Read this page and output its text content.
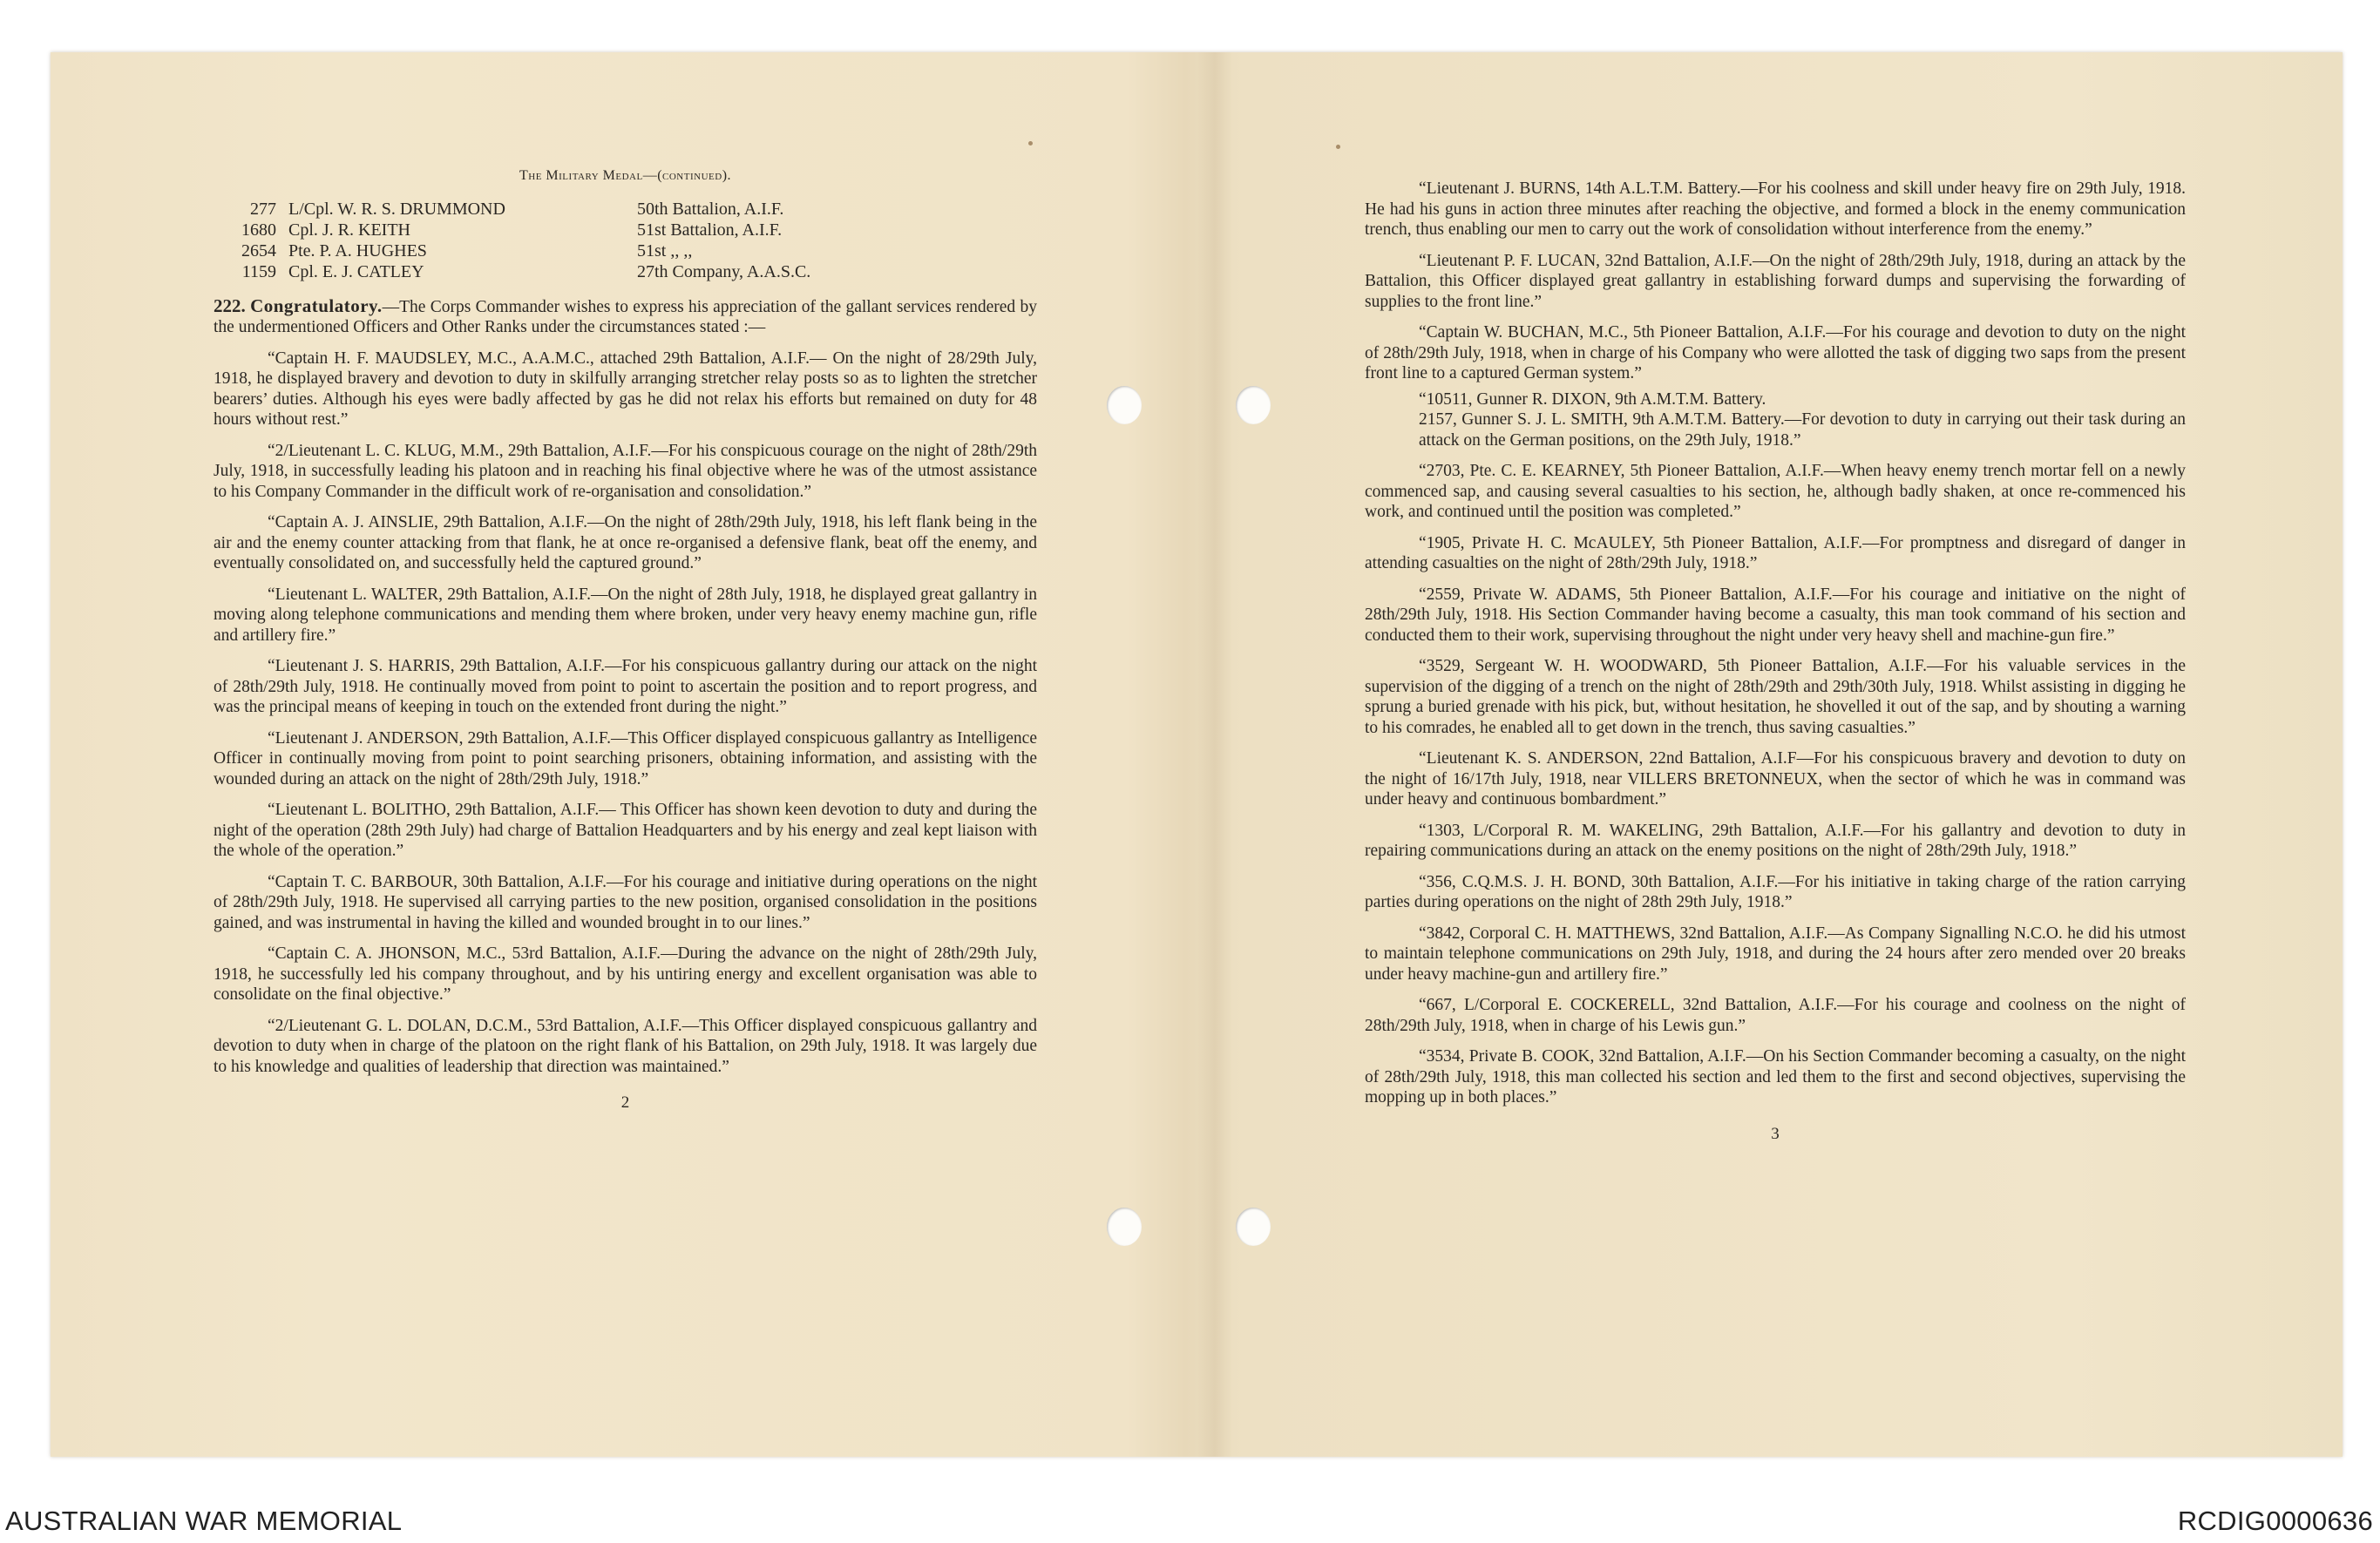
The Military Medal—(continued).
277 L/Cpl. W. R. S. DRUMMOND	50th Battalion, A.I.F.
1680 Cpl. J. R. KEITH	51st Battalion, A.I.F.
2654 Pte. P. A. HUGHES	51st ,, ,,
1159 Cpl. E. J. CATLEY	27th Company, A.A.S.C.

222. Congratulatory.—The Corps Commander wishes to express his appreciation of the gallant services rendered by the undermentioned Officers and Other Ranks under the circumstances stated :—

“Captain H. F. MAUDSLEY, M.C., A.A.M.C., attached 29th Battalion, A.I.F.— On the night of 28/29th July, 1918, he displayed bravery and devotion to duty in skilfully arranging stretcher relay posts so as to lighten the stretcher bearers’ duties. Although his eyes were badly affected by gas he did not relax his efforts but remained on duty for 48 hours without rest.”

“2/Lieutenant L. C. KLUG, M.M., 29th Battalion, A.I.F.—For his conspicuous courage on the night of 28th/29th July, 1918, in successfully leading his platoon and in reaching his final objective where he was of the utmost assistance to his Company Commander in the difficult work of re-organisation and consolidation.”

“Captain A. J. AINSLIE, 29th Battalion, A.I.F.—On the night of 28th/29th July, 1918, his left flank being in the air and the enemy counter attacking from that flank, he at once re-organised a defensive flank, beat off the enemy, and eventually consolidated on, and successfully held the captured ground.”

“Lieutenant L. WALTER, 29th Battalion, A.I.F.—On the night of 28th July, 1918, he displayed great gallantry in moving along telephone communications and mending them where broken, under very heavy enemy machine gun, rifle and artillery fire.”

“Lieutenant J. S. HARRIS, 29th Battalion, A.I.F.—For his conspicuous gallantry during our attack on the night of 28th/29th July, 1918. He continually moved from point to point to ascertain the position and to report progress, and was the principal means of keeping in touch on the extended front during the night.”

“Lieutenant J. ANDERSON, 29th Battalion, A.I.F.—This Officer displayed conspicuous gallantry as Intelligence Officer in continually moving from point to point searching prisoners, obtaining information, and assisting with the wounded during an attack on the night of 28th/29th July, 1918.”

“Lieutenant L. BOLITHO, 29th Battalion, A.I.F.— This Officer has shown keen devotion to duty and during the night of the operation (28th 29th July) had charge of Battalion Headquarters and by his energy and zeal kept liaison with the whole of the operation.”

“Captain T. C. BARBOUR, 30th Battalion, A.I.F.—For his courage and initiative during operations on the night of 28th/29th July, 1918. He supervised all carrying parties to the new position, organised consolidation in the positions gained, and was instrumental in having the killed and wounded brought in to our lines.”

“Captain C. A. JHONSON, M.C., 53rd Battalion, A.I.F.—During the advance on the night of 28th/29th July, 1918, he successfully led his company throughout, and by his untiring energy and excellent organisation was able to consolidate on the final objective.”

“2/Lieutenant G. L. DOLAN, D.C.M., 53rd Battalion, A.I.F.—This Officer displayed conspicuous gallantry and devotion to duty when in charge of the platoon on the right flank of his Battalion, on 29th July, 1918. It was largely due to his knowledge and qualities of leadership that direction was maintained.”

2

“Lieutenant J. BURNS, 14th A.L.T.M. Battery.—For his coolness and skill under heavy fire on 29th July, 1918. He had his guns in action three minutes after reaching the objective, and formed a block in the enemy communication trench, thus enabling our men to carry out the work of consolidation without interference from the enemy.”

“Lieutenant P. F. LUCAN, 32nd Battalion, A.I.F.—On the night of 28th/29th July, 1918, during an attack by the Battalion, this Officer displayed great gallantry in establishing forward dumps and supervising the forwarding of supplies to the front line.”

“Captain W. BUCHAN, M.C., 5th Pioneer Battalion, A.I.F.—For his courage and devotion to duty on the night of 28th/29th July, 1918, when in charge of his Company who were allotted the task of digging two saps from the present front line to a captured German system.”

“10511, Gunner R. DIXON, 9th A.M.T.M. Battery.
2157, Gunner S. J. L. SMITH, 9th A.M.T.M. Battery.—For devotion to duty in carrying out their task during an attack on the German positions, on the 29th July, 1918.”

“2703, Pte. C. E. KEARNEY, 5th Pioneer Battalion, A.I.F.—When heavy enemy trench mortar fell on a newly commenced sap, and causing several casualties to his section, he, although badly shaken, at once re-commenced his work, and continued until the position was completed.”

“1905, Private H. C. McAULEY, 5th Pioneer Battalion, A.I.F.—For promptness and disregard of danger in attending casualties on the night of 28th/29th July, 1918.”

“2559, Private W. ADAMS, 5th Pioneer Battalion, A.I.F.—For his courage and initiative on the night of 28th/29th July, 1918. His Section Commander having become a casualty, this man took command of his section and conducted them to their work, supervising throughout the night under very heavy shell and machine-gun fire.”

“3529, Sergeant W. H. WOODWARD, 5th Pioneer Battalion, A.I.F.—For his valuable services in the supervision of the digging of a trench on the night of 28th/29th and 29th/30th July, 1918. Whilst assisting in digging he sprung a buried grenade with his pick, but, without hesitation, he shovelled it out of the sap, and by shouting a warning to his comrades, he enabled all to get down in the trench, thus saving casualties.”

“Lieutenant K. S. ANDERSON, 22nd Battalion, A.I.F—For his conspicuous bravery and devotion to duty on the night of 16/17th July, 1918, near VILLERS BRETONNEUX, when the sector of which he was in command was under heavy and continuous bombardment.”

“1303, L/Corporal R. M. WAKELING, 29th Battalion, A.I.F.—For his gallantry and devotion to duty in repairing communications during an attack on the enemy positions on the night of 28th/29th July, 1918.”

“356, C.Q.M.S. J. H. BOND, 30th Battalion, A.I.F.—For his initiative in taking charge of the ration carrying parties during operations on the night of 28th 29th July, 1918.”

“3842, Corporal C. H. MATTHEWS, 32nd Battalion, A.I.F.—As Company Signalling N.C.O. he did his utmost to maintain telephone communications on 29th July, 1918, and during the 24 hours after zero mended over 20 breaks under heavy machine-gun and artillery fire.”

“667, L/Corporal E. COCKERELL, 32nd Battalion, A.I.F.—For his courage and coolness on the night of 28th/29th July, 1918, when in charge of his Lewis gun.”

“3534, Private B. COOK, 32nd Battalion, A.I.F.—On his Section Commander becoming a casualty, on the night of 28th/29th July, 1918, this man collected his section and led them to the first and second objectives, supervising the mopping up in both places.”

3
AUSTRALIAN WAR MEMORIAL	RCDIG0000636
